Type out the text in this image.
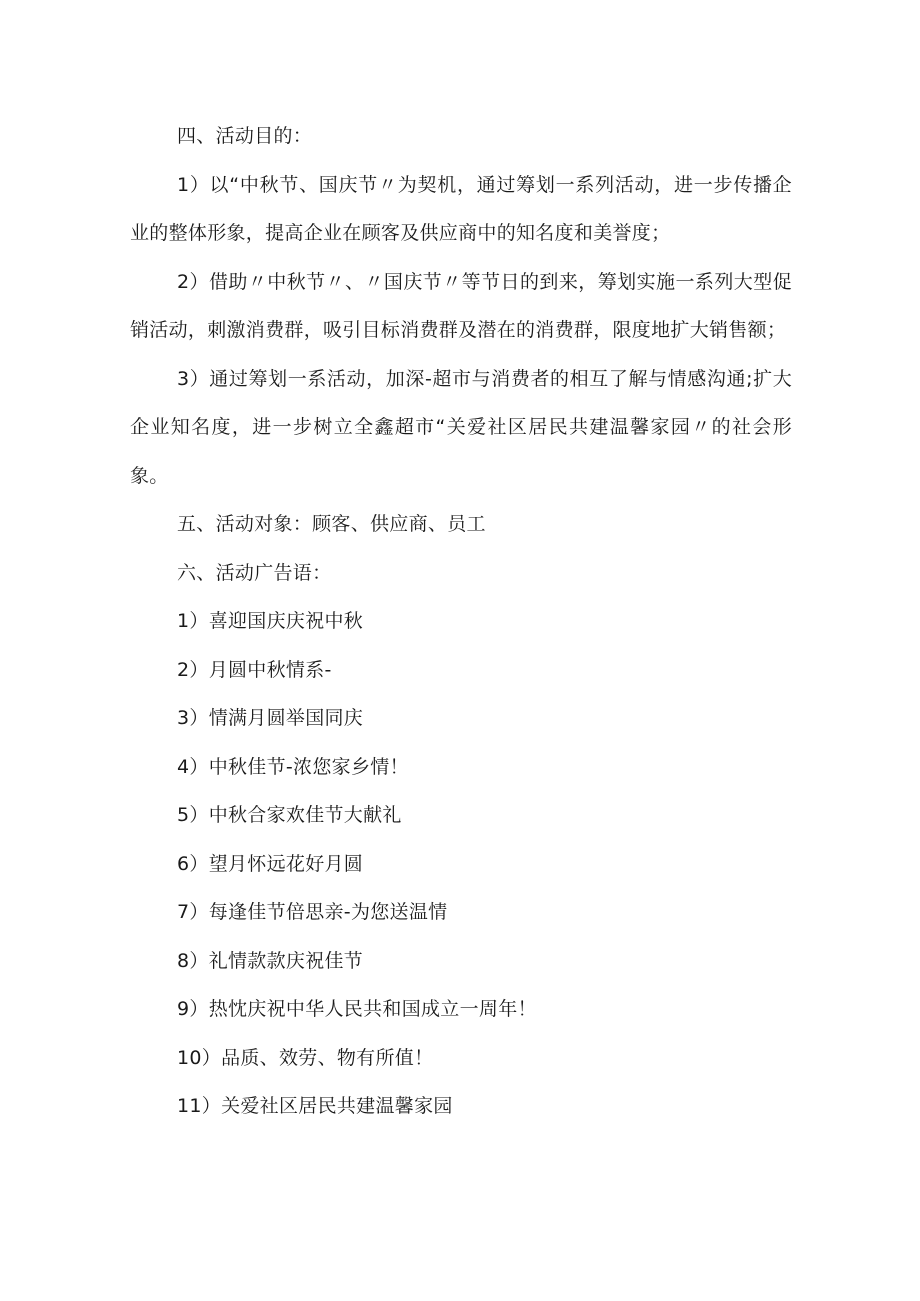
四、活动目的：

1）以“中秋节、国庆节〃为契机，通过筹划一系列活动，进一步传播企业的整体形象，提高企业在顾客及供应商中的知名度和美誉度；

2）借助〃中秋节〃、〃国庆节〃等节日的到来，筹划实施一系列大型促销活动，刺激消费群，吸引目标消费群及潜在的消费群，限度地扩大销售额；

3）通过筹划一系活动，加深-超市与消费者的相互了解与情感沟通;扩大企业知名度，进一步树立全鑫超市“关爱社区居民共建温馨家园〃的社会形象。

五、活动对象：顾客、供应商、员工

六、活动广告语：

1）喜迎国庆庆祝中秋

2）月圆中秋情系-

3）情满月圆举国同庆

4）中秋佳节-浓您家乡情！

5）中秋合家欢佳节大献礼

6）望月怀远花好月圆

7）每逢佳节倍思亲-为您送温情

8）礼情款款庆祝佳节

9）热忱庆祝中华人民共和国成立一周年！

10）品质、效劳、物有所值！

11）关爱社区居民共建温馨家园
